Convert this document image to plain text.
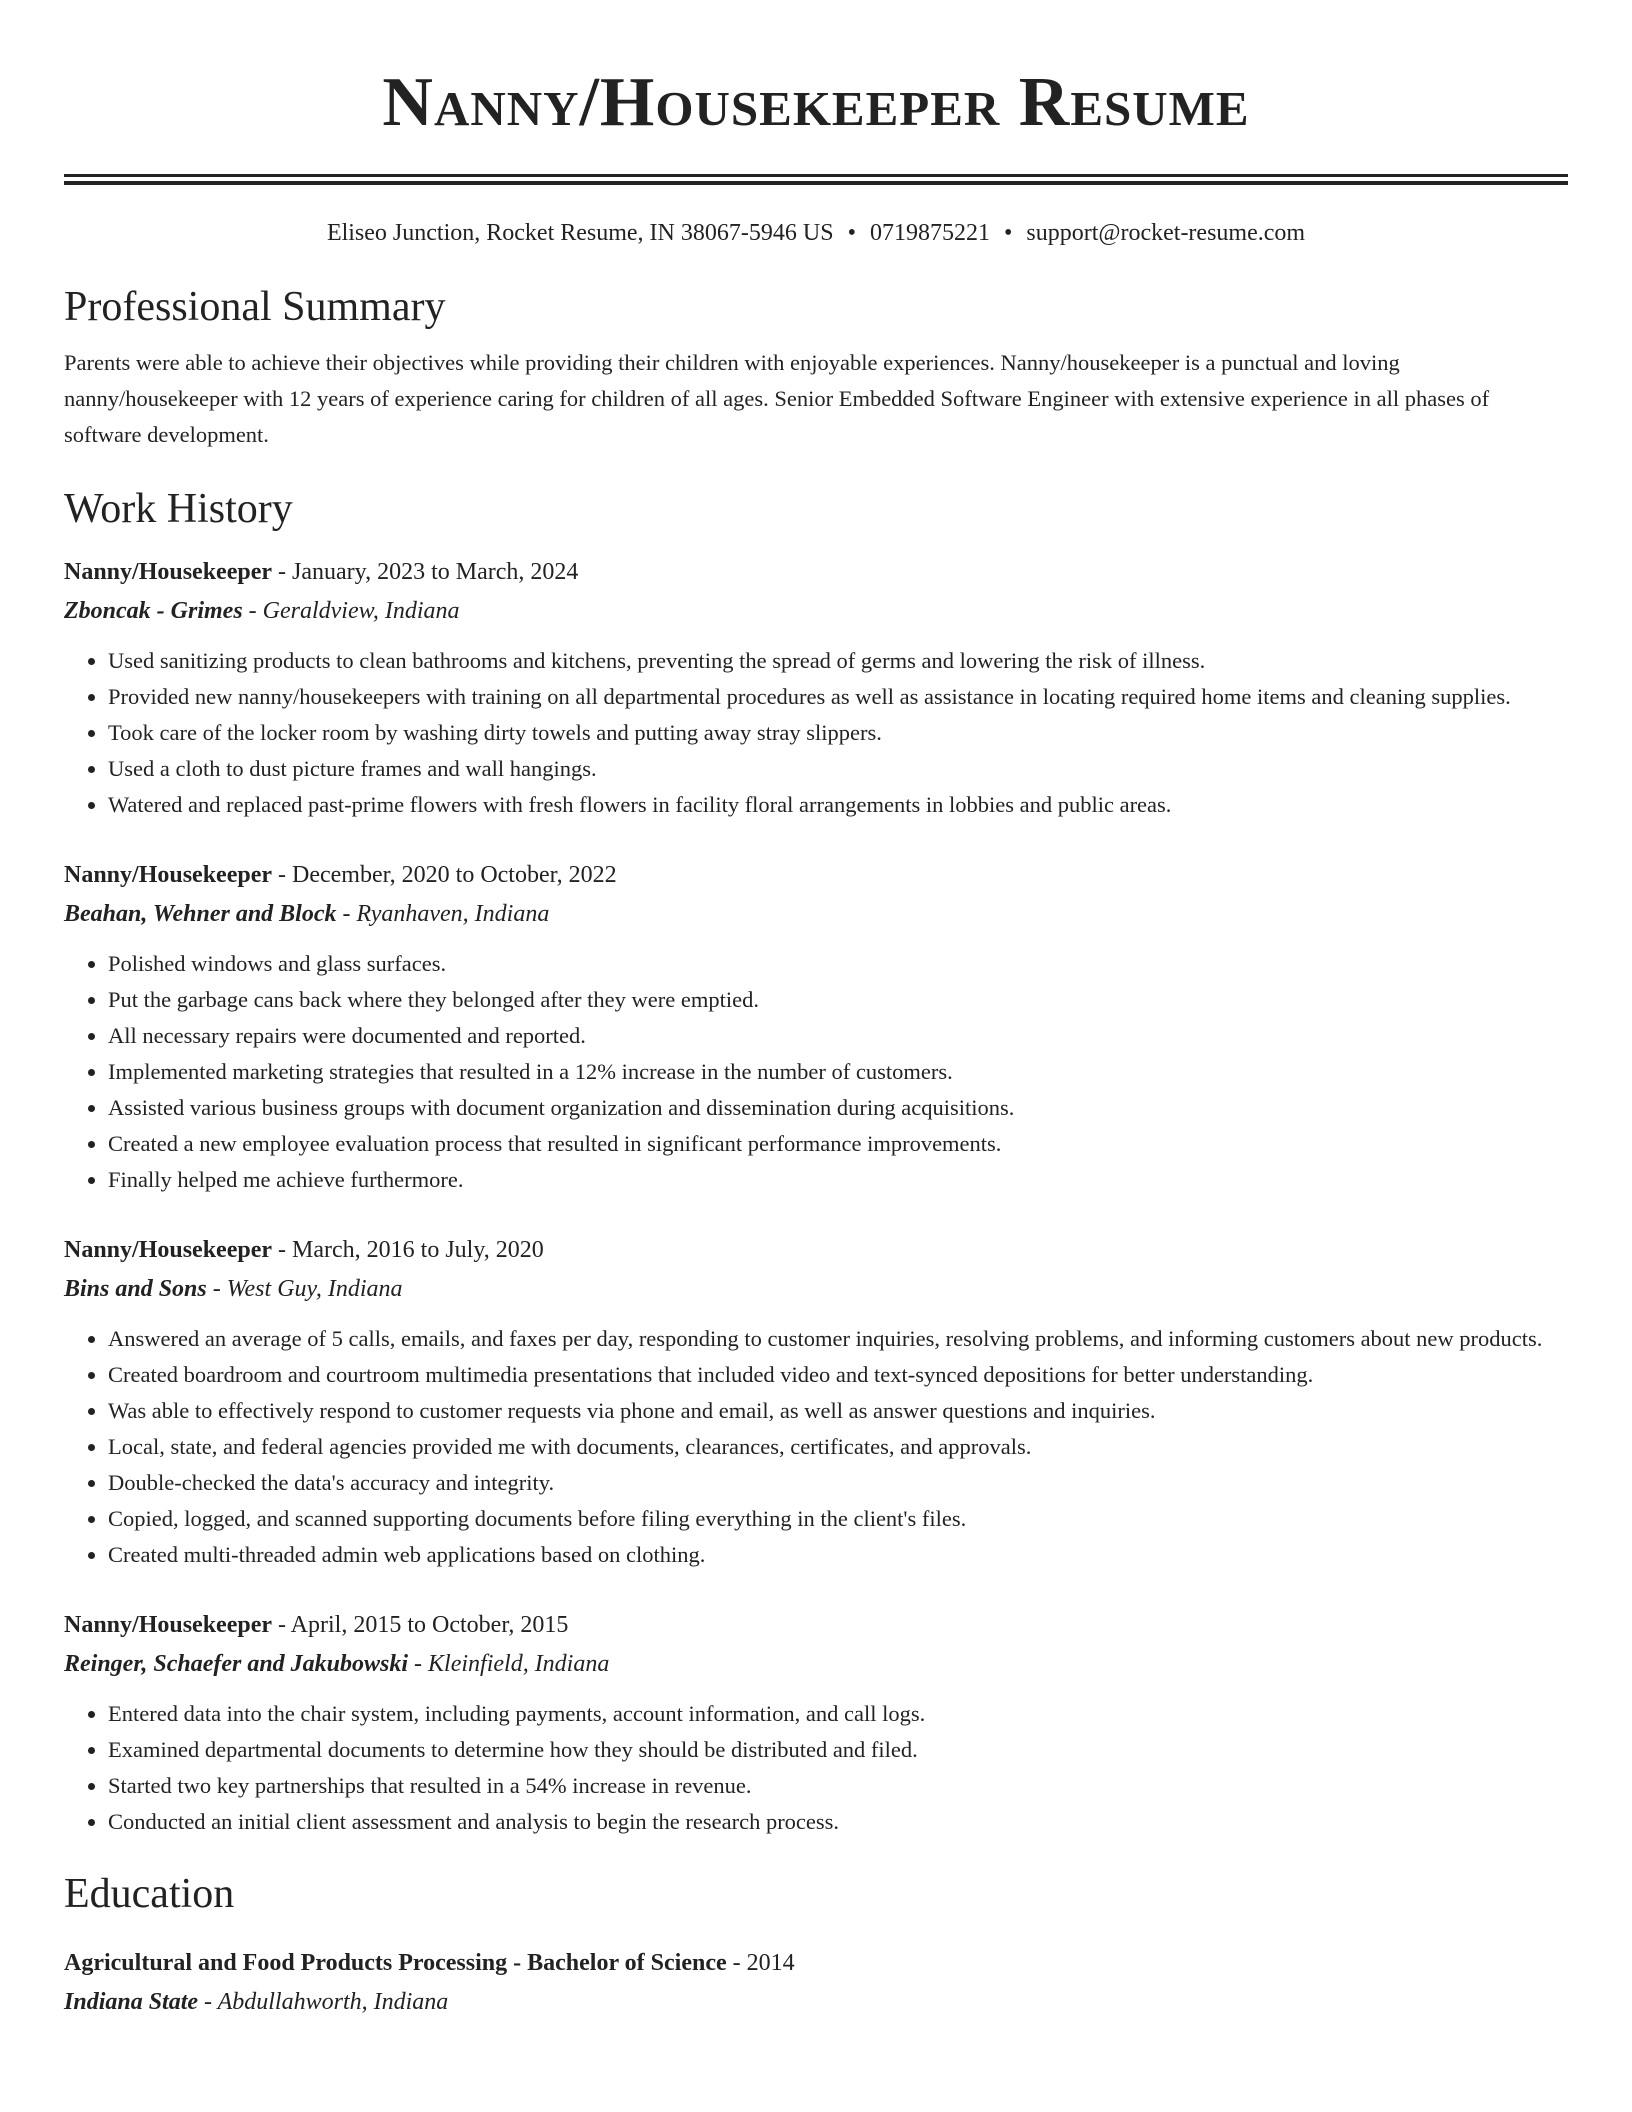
Nanny/Housekeeper Resume
Eliseo Junction, Rocket Resume, IN 38067-5946 US • 0719875221 • support@rocket-resume.com
Professional Summary

Parents were able to achieve their objectives while providing their children with enjoyable experiences. Nanny/housekeeper is a punctual and loving nanny/housekeeper with 12 years of experience caring for children of all ages. Senior Embedded Software Engineer with extensive experience in all phases of software development.

Work History
Nanny/Housekeeper - January, 2023 to March, 2024
Zboncak - Grimes - Geraldview, Indiana
• Used sanitizing products to clean bathrooms and kitchens, preventing the spread of germs and lowering the risk of illness.
• Provided new nanny/housekeepers with training on all departmental procedures as well as assistance in locating required home items and cleaning supplies.
• Took care of the locker room by washing dirty towels and putting away stray slippers.
• Used a cloth to dust picture frames and wall hangings.
• Watered and replaced past-prime flowers with fresh flowers in facility floral arrangements in lobbies and public areas.
Nanny/Housekeeper - December, 2020 to October, 2022
Beahan, Wehner and Block - Ryanhaven, Indiana
• Polished windows and glass surfaces.
• Put the garbage cans back where they belonged after they were emptied.
• All necessary repairs were documented and reported.
• Implemented marketing strategies that resulted in a 12% increase in the number of customers.
• Assisted various business groups with document organization and dissemination during acquisitions.
• Created a new employee evaluation process that resulted in significant performance improvements.
• Finally helped me achieve furthermore.
Nanny/Housekeeper - March, 2016 to July, 2020
Bins and Sons - West Guy, Indiana
• Answered an average of 5 calls, emails, and faxes per day, responding to customer inquiries, resolving problems, and informing customers about new products.
• Created boardroom and courtroom multimedia presentations that included video and text-synced depositions for better understanding.
• Was able to effectively respond to customer requests via phone and email, as well as answer questions and inquiries.
• Local, state, and federal agencies provided me with documents, clearances, certificates, and approvals.
• Double-checked the data's accuracy and integrity.
• Copied, logged, and scanned supporting documents before filing everything in the client's files.
• Created multi-threaded admin web applications based on clothing.
Nanny/Housekeeper - April, 2015 to October, 2015
Reinger, Schaefer and Jakubowski - Kleinfield, Indiana
• Entered data into the chair system, including payments, account information, and call logs.
• Examined departmental documents to determine how they should be distributed and filed.
• Started two key partnerships that resulted in a 54% increase in revenue.
• Conducted an initial client assessment and analysis to begin the research process.
Education
Agricultural and Food Products Processing - Bachelor of Science - 2014
Indiana State - Abdullahworth, Indiana
